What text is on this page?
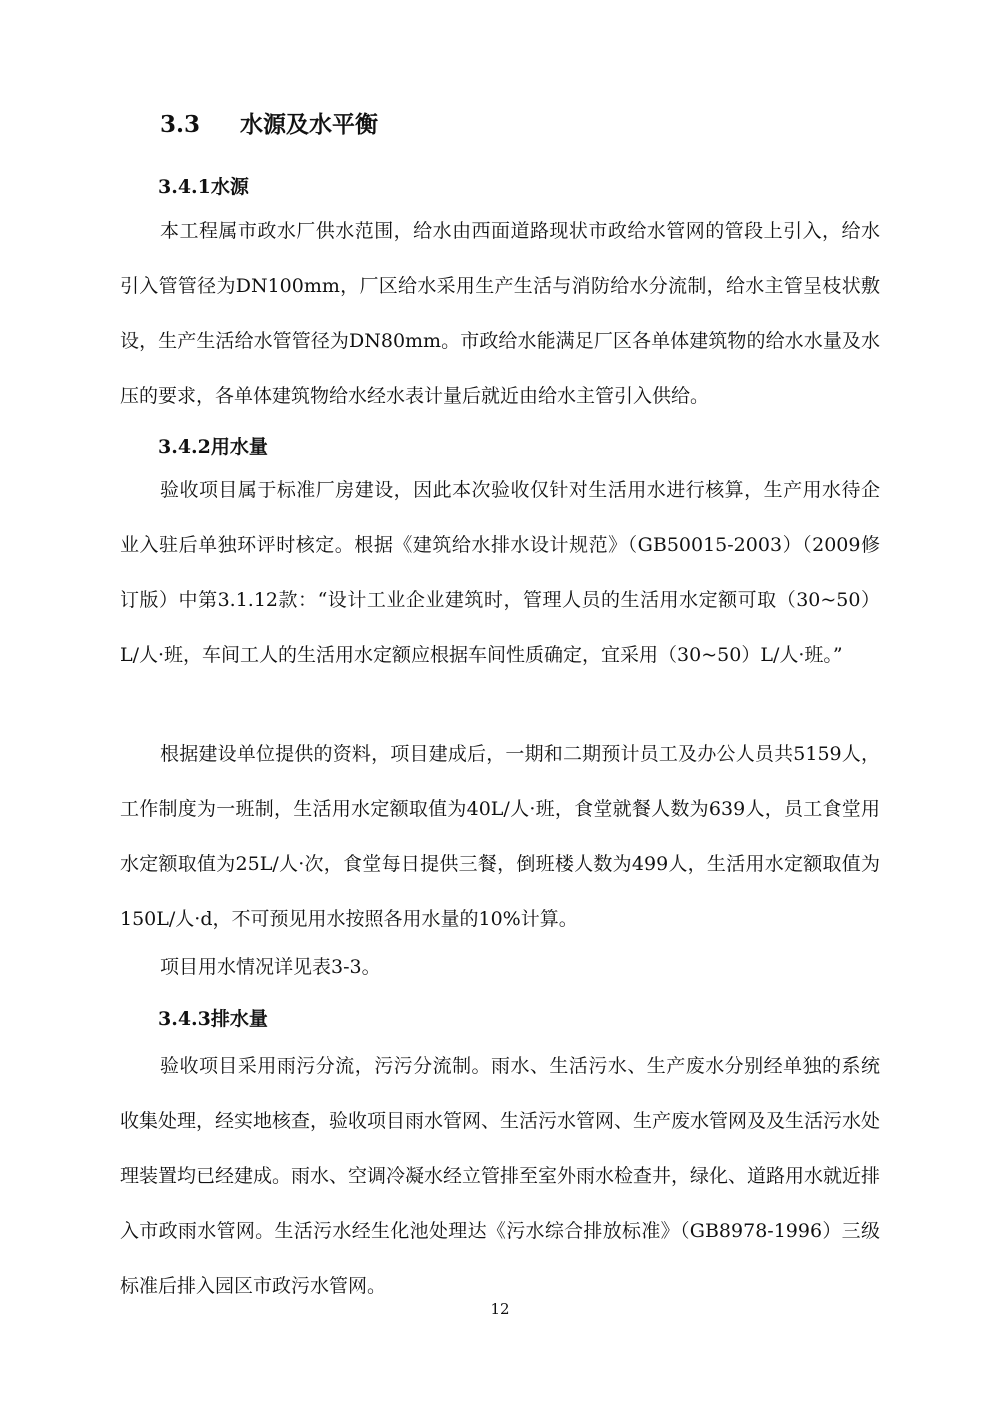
3.3 水源及水平衡
3.4.1水源
本工程属市政水厂供水范围，给水由西面道路现状市政给水管网的管段上引入，给水引入管管径为DN100mm，厂区给水采用生产生活与消防给水分流制，给水主管呈枝状敷设，生产生活给水管管径为DN80mm。市政给水能满足厂区各单体建筑物的给水水量及水压的要求，各单体建筑物给水经水表计量后就近由给水主管引入供给。
3.4.2用水量
验收项目属于标准厂房建设，因此本次验收仅针对生活用水进行核算，生产用水待企业入驻后单独环评时核定。根据《建筑给水排水设计规范》（GB50015-2003）（2009修订版）中第3.1.12款：“设计工业企业建筑时，管理人员的生活用水定额可取（30~50）L/人·班，车间工人的生活用水定额应根据车间性质确定，宜采用（30~50）L/人·班。”
根据建设单位提供的资料，项目建成后，一期和二期预计员工及办公人员共5159人，工作制度为一班制，生活用水定额取值为40L/人·班，食堂就餐人数为639人，员工食堂用水定额取值为25L/人·次，食堂每日提供三餐，倒班楼人数为499人，生活用水定额取值为150L/人·d，不可预见用水按照各用水量的10%计算。
项目用水情况详见表3-3。
3.4.3排水量
验收项目采用雨污分流，污污分流制。雨水、生活污水、生产废水分别经单独的系统收集处理，经实地核查，验收项目雨水管网、生活污水管网、生产废水管网及及生活污水处理装置均已经建成。雨水、空调冷凝水经立管排至室外雨水检查井，绿化、道路用水就近排入市政雨水管网。生活污水经生化池处理达《污水综合排放标准》（GB8978-1996）三级标准后排入园区市政污水管网。
12
